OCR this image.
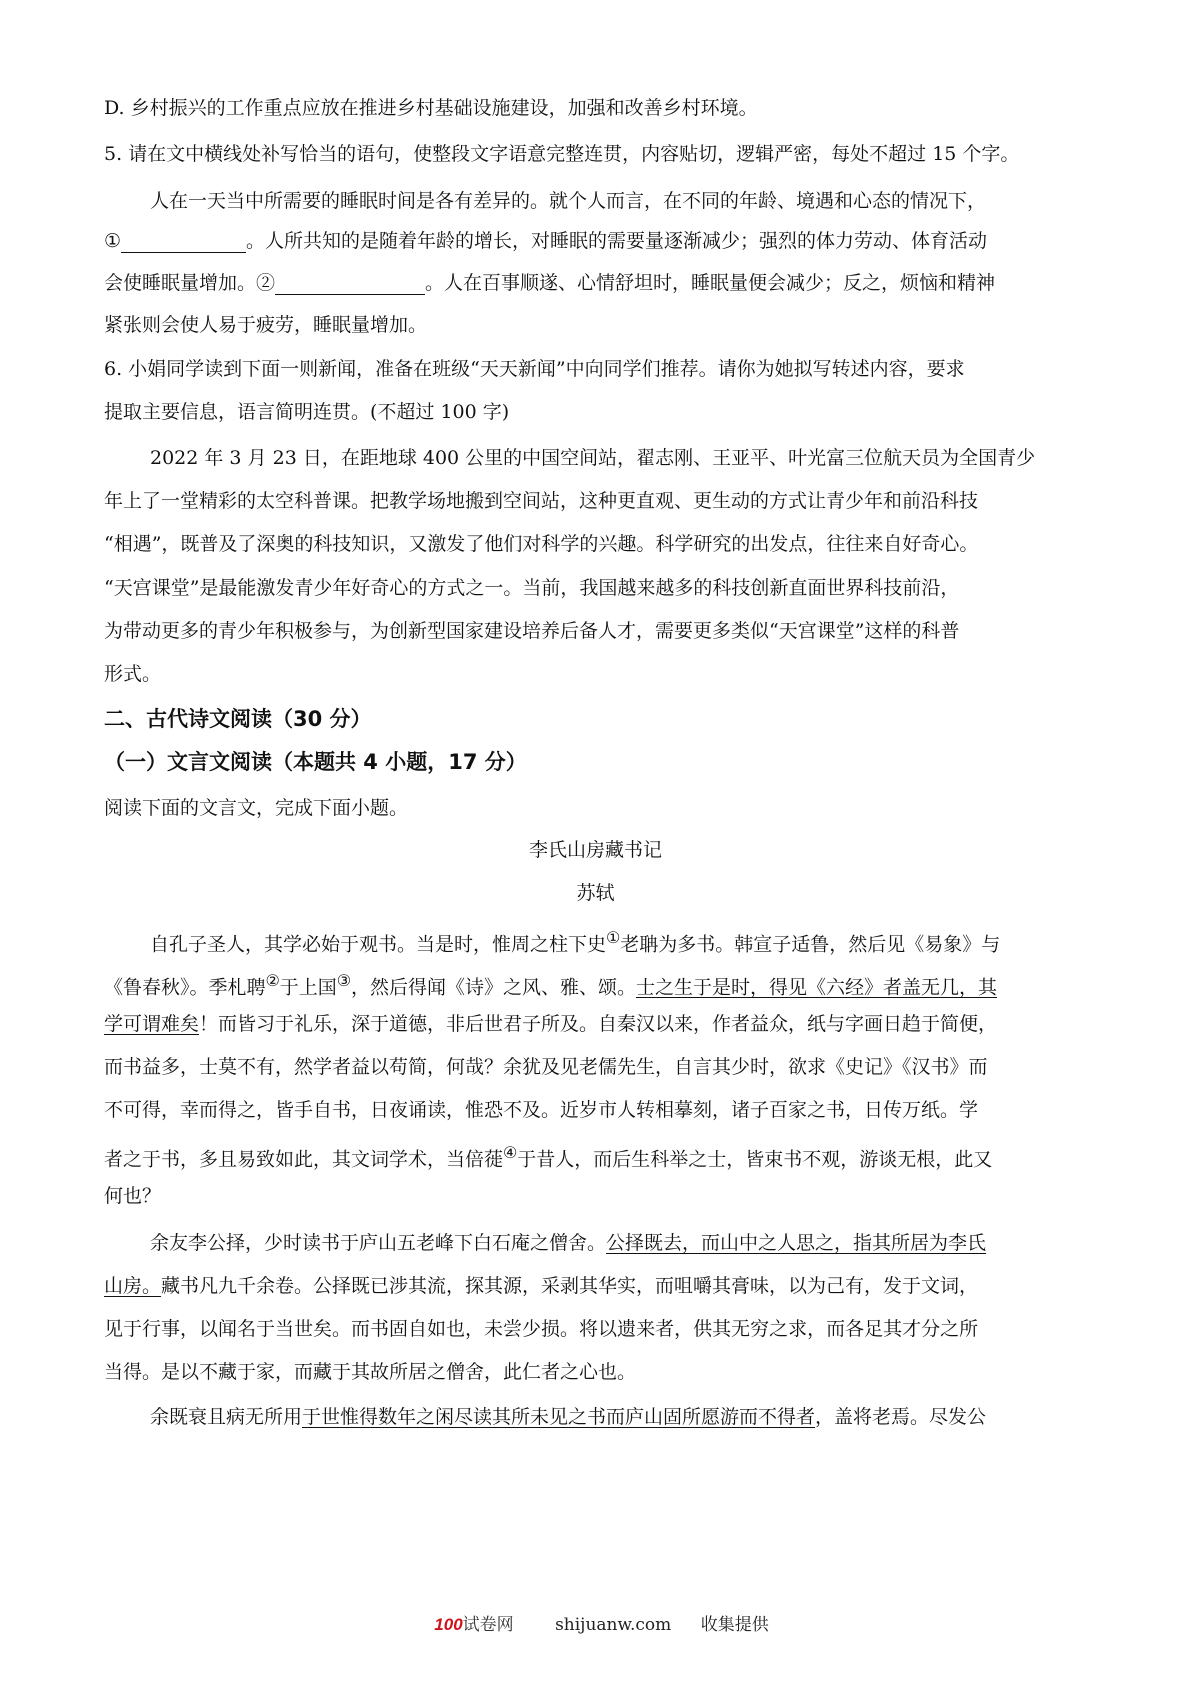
D. 乡村振兴的工作重点应放在推进乡村基础设施建设，加强和改善乡村环境。
5. 请在文中横线处补写恰当的语句，使整段文字语意完整连贯，内容贴切，逻辑严密，每处不超过 15 个字。
人在一天当中所需要的睡眠时间是各有差异的。就个人而言，在不同的年龄、境遇和心态的情况下，
①	。人所共知的是随着年龄的增长，对睡眠的需要量逐渐减少；强烈的体力劳动、体育活动
会使睡眠量增加。②	。人在百事顺遂、心情舒坦时，睡眠量便会减少；反之，烦恼和精神
紧张则会使人易于疲劳，睡眠量增加。
6. 小娟同学读到下面一则新闻，准备在班级“天天新闻”中向同学们推荐。请你为她拟写转述内容，要求
提取主要信息，语言简明连贯。(不超过 100 字)
2022 年 3 月 23 日，在距地球 400 公里的中国空间站，翟志刚、王亚平、叶光富三位航天员为全国青少
年上了一堂精彩的太空科普课。把教学场地搬到空间站，这种更直观、更生动的方式让青少年和前沿科技
“相遇”，既普及了深奥的科技知识，又激发了他们对科学的兴趣。科学研究的出发点，往往来自好奇心。
“天宫课堂”是最能激发青少年好奇心的方式之一。当前，我国越来越多的科技创新直面世界科技前沿，
为带动更多的青少年积极参与，为创新型国家建设培养后备人才，需要更多类似“天宫课堂”这样的科普
形式。
二、古代诗文阅读（30 分）
（一）文言文阅读（本题共 4 小题，17 分）
阅读下面的文言文，完成下面小题。
李氏山房藏书记
苏轼
自孔子圣人，其学必始于观书。当是时，惟周之柱下史①老聃为多书。韩宣子适鲁，然后见《易象》与
《鲁春秋》。季札聘②于上国③，然后得闻《诗》之风、雅、颂。士之生于是时，得见《六经》者盖无几，其
学可谓难矣！而皆习于礼乐，深于道德，非后世君子所及。自秦汉以来，作者益众，纸与字画日趋于简便，
而书益多，士莫不有，然学者益以苟简，何哉？余犹及见老儒先生，自言其少时，欲求《史记》《汉书》而
不可得，幸而得之，皆手自书，日夜诵读，惟恐不及。近岁市人转相摹刻，诸子百家之书，日传万纸。学
者之于书，多且易致如此，其文词学术，当倍蓰④于昔人，而后生科举之士，皆束书不观，游谈无根，此又
何也？
余友李公择，少时读书于庐山五老峰下白石庵之僧舍。公择既去，而山中之人思之，指其所居为李氏
山房。藏书凡九千余卷。公择既已涉其流，探其源，采剥其华实，而咀嚼其膏味，以为己有，发于文词，
见于行事，以闻名于当世矣。而书固自如也，未尝少损。将以遗来者，供其无穷之求，而各足其才分之所
当得。是以不藏于家，而藏于其故所居之僧舍，此仁者之心也。
余既衰且病无所用于世惟得数年之闲尽读其所未见之书而庐山固所愿游而不得者，盖将老焉。尽发公
100试卷网 shijuanw.com 收集提供
